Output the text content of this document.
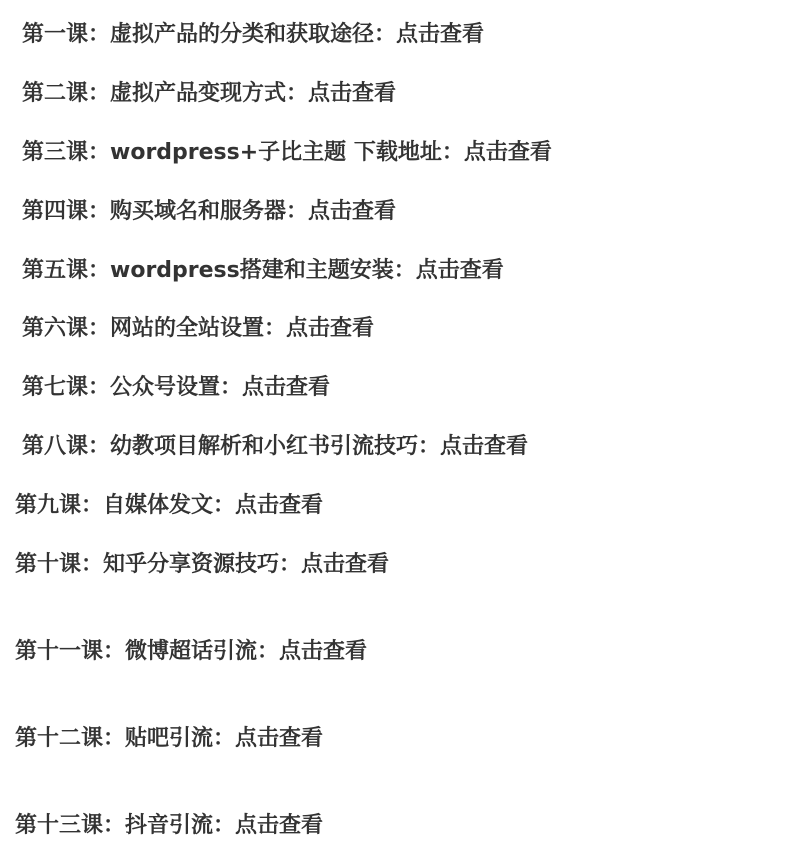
第一课：虚拟产品的分类和获取途径：点击查看
第二课：虚拟产品变现方式：点击查看
第三课：wordpress+子比主题 下载地址：点击查看
第四课：购买域名和服务器：点击查看
第五课：wordpress搭建和主题安装：点击查看
第六课：网站的全站设置：点击查看
第七课：公众号设置：点击查看
第八课：幼教项目解析和小红书引流技巧：点击查看
第九课：自媒体发文：点击查看
第十课：知乎分享资源技巧：点击查看
第十一课：微博超话引流：点击查看
第十二课：贴吧引流：点击查看
第十三课：抖音引流：点击查看
